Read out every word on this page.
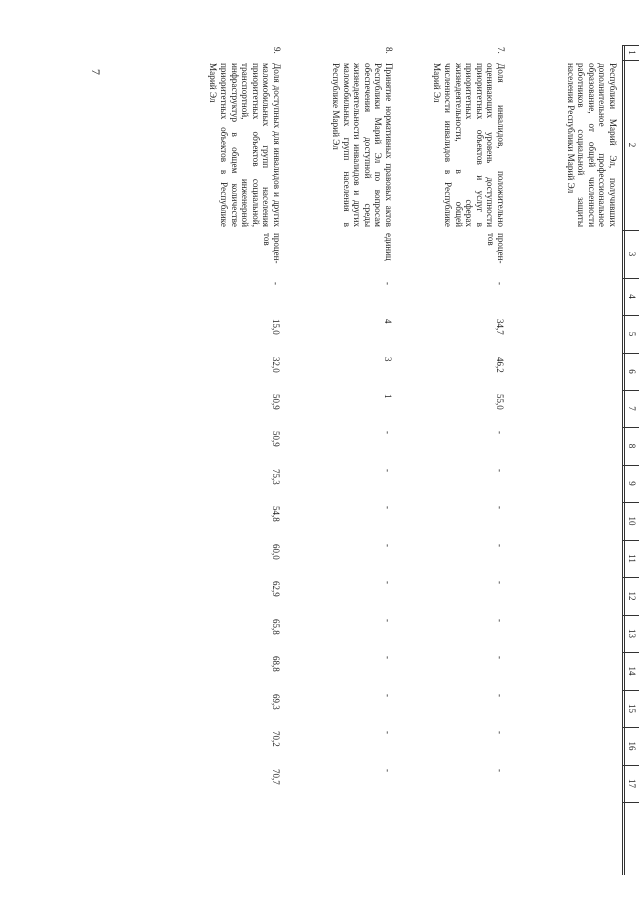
7
1
2
3
4
5
6
7
8
9
10
11
12
13
14
15
16
17
Республики Марий Эл, получивших дополнительное профессиональное образование, от общей численности работников социальной защиты населения Республики Марий Эл
7.
Доля инвалидов, положительно оценивающих уровень доступности приоритетных объектов и услуг в приоритетных сферах жизнедеятельности, в общей численности инвалидов в Республике Марий Эл
процен-тов
-
34,7
46,2
55,0
-
-
-
-
-
-
-
-
-
-
8.
Принятие нормативных правовых актов Республики Марий Эл по вопросам обеспечения доступной среды жизнедеятельности инвалидов и других маломобильных групп населения в Республике Марий Эл
единиц
-
4
3
1
-
-
-
-
-
-
-
-
-
-
9.
Доля доступных для инвалидов и других маломобильных групп населения приоритетных объектов социальной, транспортной, инженерной инфраструктур в общем количестве приоритетных объектов в Республике Марий Эл
процен-тов
-
15,0
32,0
50,9
50,9
75,3
54,8
60,0
62,9
65,8
68,8
69,3
70,2
70,7
